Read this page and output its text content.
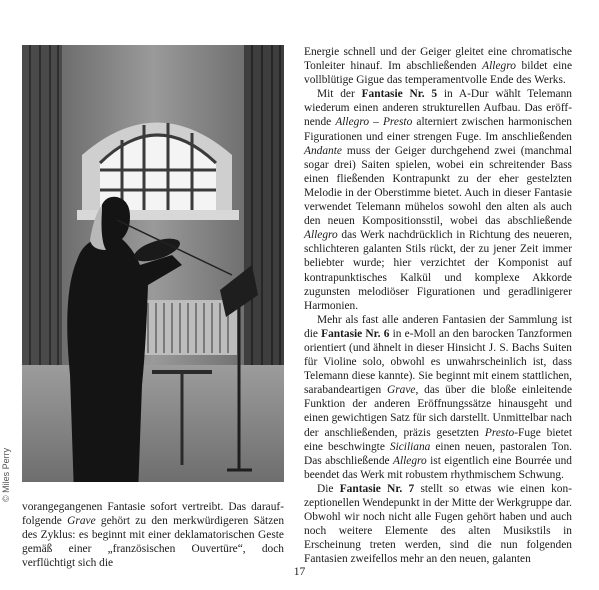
© Miles Perry

vorangegangenen Fantasie sofort vertreibt. Das darauffolgende Grave gehört zu den merkwürdigeren Sätzen des Zyklus: es beginnt mit einer deklamatorischen Geste gemäß einer „französischen Ouvertüre“, doch verflüchtigt sich die

Energie schnell und der Geiger gleitet eine chromatische Tonleiter hinauf. Im abschließenden Allegro bildet eine vollblütige Gigue das temperamentvolle Ende des Werks.

Mit der Fantasie Nr. 5 in A-Dur wählt Telemann wiederum einen anderen strukturellen Aufbau. Das eröffnende Allegro – Presto alterniert zwischen harmonischen Figurationen und einer strengen Fuge. Im anschließenden Andante muss der Geiger durchgehend zwei (manchmal sogar drei) Saiten spielen, wobei ein schreitender Bass einen fließenden Kontrapunkt zu der eher gestelzten Melodie in der Oberstimme bietet. Auch in dieser Fantasie verwendet Telemann mühelos sowohl den alten als auch den neuen Kompositionsstil, wobei das abschließende Allegro das Werk nachdrücklich in Richtung des neueren, schlichteren galanten Stils rückt, der zu jener Zeit immer beliebter wurde; hier verzichtet der Komponist auf kontrapunktisches Kalkül und komplexe Akkorde zugunsten melodiöser Figurationen und geradlinigerer Harmonien.

Mehr als fast alle anderen Fantasien der Sammlung ist die Fantasie Nr. 6 in e-Moll an den barocken Tanzformen orientiert (und ähnelt in dieser Hinsicht J. S. Bachs Suiten für Violine solo, obwohl es unwahrscheinlich ist, dass Telemann diese kannte). Sie beginnt mit einem stattlichen, sarabandeartigen Grave, das über die bloße einleitende Funktion der anderen Eröffnungssätze hinausgeht und einen gewichtigen Satz für sich darstellt. Unmittelbar nach der anschließenden, präzis gesetzten Presto-Fuge bietet eine beschwingte Siciliana einen neuen, pastoralen Ton. Das abschließende Allegro ist eigentlich eine Bourrée und beendet das Werk mit robustem rhythmischem Schwung.

Die Fantasie Nr. 7 stellt so etwas wie einen konzeptionellen Wendepunkt in der Mitte der Werkgruppe dar. Obwohl wir noch nicht alle Fugen gehört haben und auch noch weitere Elemente des alten Musikstils in Erscheinung treten werden, sind die nun folgenden Fantasien zweifellos mehr an den neuen, galanten

17
